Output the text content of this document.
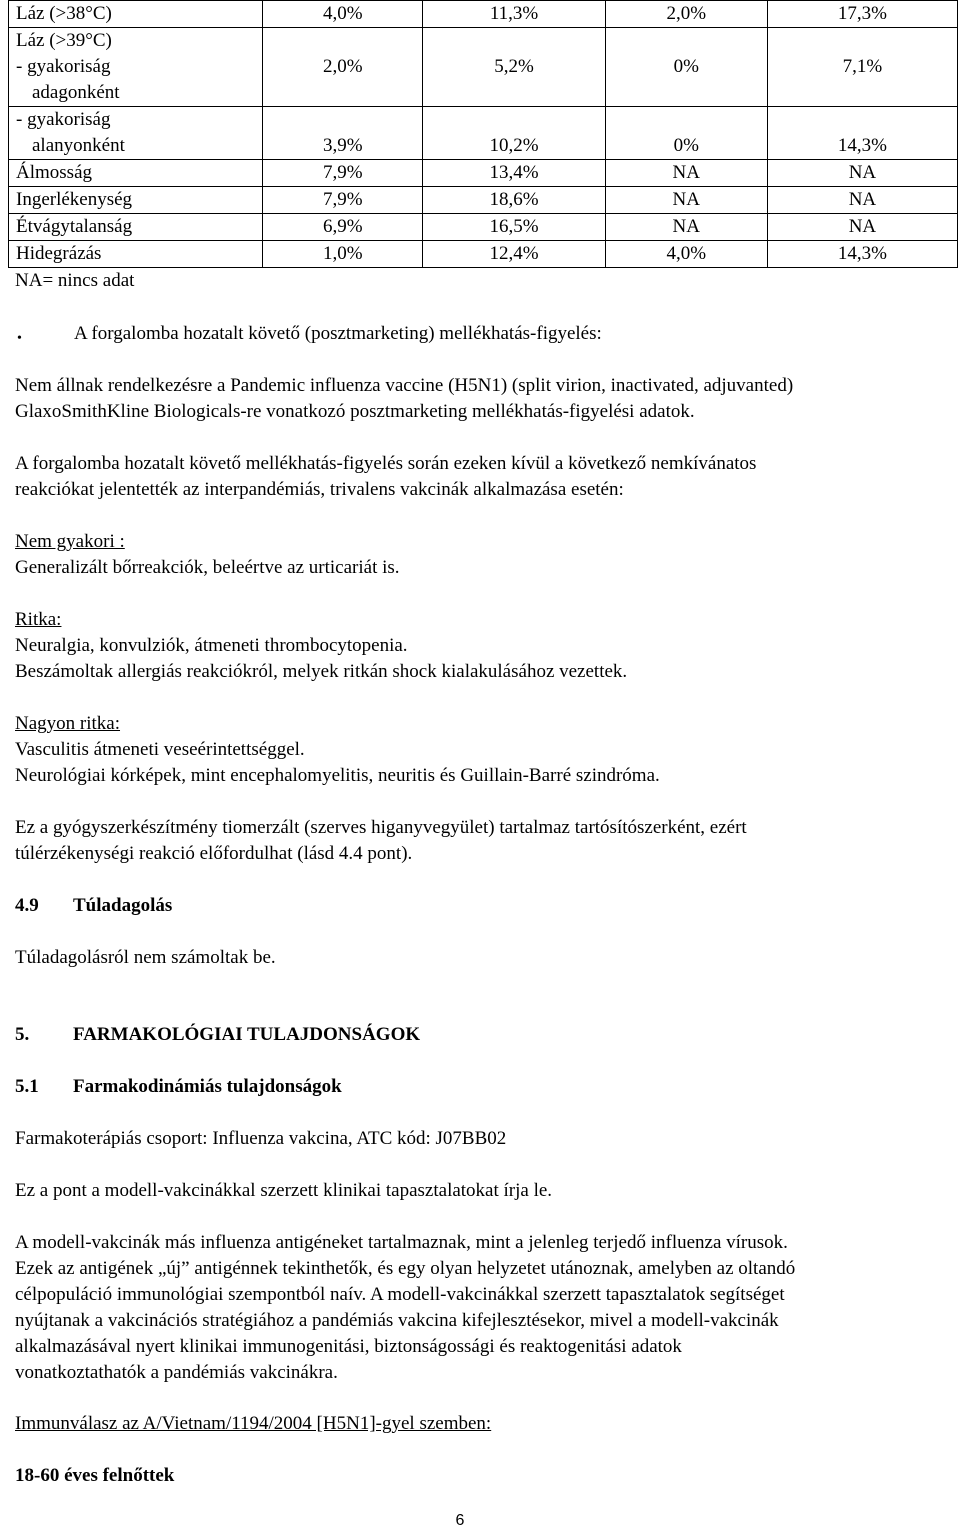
Láz (>38°C)	4,0%	11,3%	2,0%	17,3%

Láz (>39°C)
- gyakoriság
adagonként	2,0%	5,2%	0%	7,1%

- gyakoriság
alanyonként	3,9%	10,2%	0%	14,3%

Álmosság	7,9%	13,4%	NA	NA

Ingerlékenység	7,9%	18,6%	NA	NA

Étvágytalanság	6,9%	16,5%	NA	NA

Hidegrázás	1,0%	12,4%	4,0%	14,3%
NA= nincs adat
•	A forgalomba hozatalt követő (posztmarketing) mellékhatás-figyelés:
Nem állnak rendelkezésre a Pandemic influenza vaccine (H5N1) (split virion, inactivated, adjuvanted)
GlaxoSmithKline Biologicals-re vonatkozó posztmarketing mellékhatás-figyelési adatok.
A forgalomba hozatalt követő mellékhatás-figyelés során ezeken kívül a következő nemkívánatos
reakciókat jelentették az interpandémiás, trivalens vakcinák alkalmazása esetén:
Nem gyakori :
Generalizált bőrreakciók, beleértve az urticariát is.
Ritka:
Neuralgia, konvulziók, átmeneti thrombocytopenia.
Beszámoltak allergiás reakciókról, melyek ritkán shock kialakulásához vezettek.
Nagyon ritka:
Vasculitis átmeneti veseérintettséggel.
Neurológiai kórképek, mint encephalomyelitis, neuritis és Guillain-Barré szindróma.
Ez a gyógyszerkészítmény tiomerzált (szerves higanyvegyület) tartalmaz tartósítószerként, ezért
túlérzékenységi reakció előfordulhat (lásd 4.4 pont).
4.9 Túladagolás
Túladagolásról nem számoltak be.
5. FARMAKOLÓGIAI TULAJDONSÁGOK
5.1 Farmakodinámiás tulajdonságok
Farmakoterápiás csoport: Influenza vakcina, ATC kód: J07BB02
Ez a pont a modell-vakcinákkal szerzett klinikai tapasztalatokat írja le.
A modell-vakcinák más influenza antigéneket tartalmaznak, mint a jelenleg terjedő influenza vírusok.
Ezek az antigének „új” antigénnek tekinthetők, és egy olyan helyzetet utánoznak, amelyben az oltandó
célpopuláció immunológiai szempontból naív. A modell-vakcinákkal szerzett tapasztalatok segítséget
nyújtanak a vakcinációs stratégiához a pandémiás vakcina kifejlesztésekor, mivel a modell-vakcinák
alkalmazásával nyert klinikai immunogenitási, biztonságossági és reaktogenitási adatok
vonatkoztathatók a pandémiás vakcinákra.
Immunválasz az A/Vietnam/1194/2004 [H5N1]-gyel szemben:
18-60 éves felnőttek
6
